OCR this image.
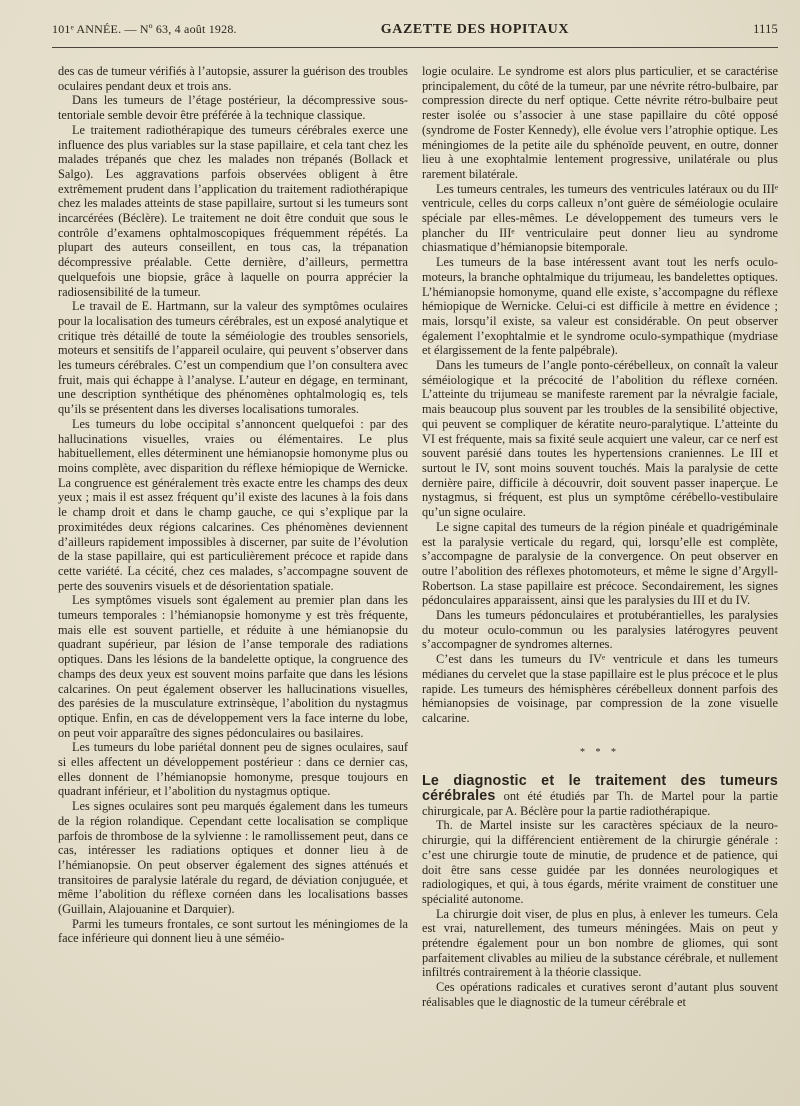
101ᵉ ANNÉE. — Nº 63, 4 août 1928.	GAZETTE DES HOPITAUX	1115

des cas de tumeur vérifiés à l’autopsie, assurer la guérison des troubles oculaires pendant deux et trois ans.

Dans les tumeurs de l’étage postérieur, la décompressive sous-tentoriale semble devoir être préférée à la technique classique.

Le traitement radiothérapique des tumeurs cérébrales exerce une influence des plus variables sur la stase papillaire, et cela tant chez les malades trépanés que chez les malades non trépanés (Bollack et Salgo). Les aggravations parfois observées obligent à être extrêmement prudent dans l’application du traitement radiothérapique chez les malades atteints de stase papillaire, surtout si les tumeurs sont incarcérées (Béclère). Le traitement ne doit être conduit que sous le contrôle d’examens ophtalmoscopiques fréquemment répétés. La plupart des auteurs conseillent, en tous cas, la trépanation décompressive préalable. Cette dernière, d’ailleurs, permettra quelquefois une biopsie, grâce à laquelle on pourra apprécier la radiosensibilité de la tumeur.

Le travail de E. Hartmann, sur la valeur des symptômes oculaires pour la localisation des tumeurs cérébrales, est un exposé analytique et critique très détaillé de toute la séméiologie des troubles sensoriels, moteurs et sensitifs de l’appareil oculaire, qui peuvent s’observer dans les tumeurs cérébrales. C’est un compendium que l’on consultera avec fruit, mais qui échappe à l’analyse. L’auteur en dégage, en terminant, une description synthétique des phénomènes ophtalmologiq es, tels qu’ils se présentent dans les diverses localisations tumorales.

Les tumeurs du lobe occipital s’annoncent quelquefoi : par des hallucinations visuelles, vraies ou élémentaires. Le plus habituellement, elles déterminent une hémianopsie homonyme plus ou moins complète, avec disparition du réflexe hémiopique de Wernicke. La congruence est généralement très exacte entre les champs des deux yeux ; mais il est assez fréquent qu’il existe des lacunes à la fois dans le champ droit et dans le champ gauche, ce qui s’explique par la proximitédes deux régions calcarines. Ces phénomènes deviennent d’ailleurs rapidement impossibles à discerner, par suite de l’évolution de la stase papillaire, qui est particulièrement précoce et rapide dans cette variété. La cécité, chez ces malades, s’accompagne souvent de perte des souvenirs visuels et de désorientation spatiale.

Les symptômes visuels sont également au premier plan dans les tumeurs temporales : l’hémianopsie homonyme y est très fréquente, mais elle est souvent partielle, et réduite à une hémianopsie du quadrant supérieur, par lésion de l’anse temporale des radiations optiques. Dans les lésions de la bandelette optique, la congruence des champs des deux yeux est souvent moins parfaite que dans les lésions calcarines. On peut également observer les hallucinations visuelles, des parésies de la musculature extrinsèque, l’abolition du nystagmus optique. Enfin, en cas de développement vers la face interne du lobe, on peut voir apparaître des signes pédonculaires ou basilaires.

Les tumeurs du lobe pariétal donnent peu de signes oculaires, sauf si elles affectent un développement postérieur : dans ce dernier cas, elles donnent de l’hémianopsie homonyme, presque toujours en quadrant inférieur, et l’abolition du nystagmus optique.

Les signes oculaires sont peu marqués également dans les tumeurs de la région rolandique. Cependant cette localisation se complique parfois de thrombose de la sylvienne : le ramollissement peut, dans ce cas, intéresser les radiations optiques et donner lieu à de l’hémianopsie. On peut observer également des signes atténués et transitoires de paralysie latérale du regard, de déviation conjuguée, et même l’abolition du réflexe cornéen dans les localisations basses (Guillain, Alajouanine et Darquier).

Parmi les tumeurs frontales, ce sont surtout les méningiomes de la face inférieure qui donnent lieu à une séméio-

logie oculaire. Le syndrome est alors plus particulier, et se caractérise principalement, du côté de la tumeur, par une névrite rétro-bulbaire, par compression directe du nerf optique. Cette névrite rétro-bulbaire peut rester isolée ou s’associer à une stase papillaire du côté opposé (syndrome de Foster Kennedy), elle évolue vers l’atrophie optique. Les méningiomes de la petite aile du sphénoïde peuvent, en outre, donner lieu à une exophtalmie lentement progressive, unilatérale ou plus rarement bilatérale.

Les tumeurs centrales, les tumeurs des ventricules latéraux ou du IIIᵉ ventricule, celles du corps calleux n’ont guère de séméiologie oculaire spéciale par elles-mêmes. Le développement des tumeurs vers le plancher du IIIᵉ ventriculaire peut donner lieu au syndrome chiasmatique d’hémianopsie bitemporale.

Les tumeurs de la base intéressent avant tout les nerfs oculo-moteurs, la branche ophtalmique du trijumeau, les bandelettes optiques. L’hémianopsie homonyme, quand elle existe, s’accompagne du réflexe hémiopique de Wernicke. Celui-ci est difficile à mettre en évidence ; mais, lorsqu’il existe, sa valeur est considérable. On peut observer également l’exophtalmie et le syndrome oculo-sympathique (mydriase et élargissement de la fente palpébrale).

Dans les tumeurs de l’angle ponto-cérébelleux, on connaît la valeur séméiologique et la précocité de l’abolition du réflexe cornéen. L’atteinte du trijumeau se manifeste rarement par la névralgie faciale, mais beaucoup plus souvent par les troubles de la sensibilité objective, qui peuvent se compliquer de kératite neuro-paralytique. L’atteinte du VI est fréquente, mais sa fixité seule acquiert une valeur, car ce nerf est souvent parésié dans toutes les hypertensions craniennes. Le III et surtout le IV, sont moins souvent touchés. Mais la paralysie de cette dernière paire, difficile à découvrir, doit souvent passer inaperçue. Le nystagmus, si fréquent, est plus un symptôme cérébello-vestibulaire qu’un signe oculaire.

Le signe capital des tumeurs de la région pinéale et quadrigéminale est la paralysie verticale du regard, qui, lorsqu’elle est complète, s’accompagne de paralysie de la convergence. On peut observer en outre l’abolition des réflexes photomoteurs, et même le signe d’Argyll-Robertson. La stase papillaire est précoce. Secondairement, les signes pédonculaires apparaissent, ainsi que les paralysies du III et du IV.

Dans les tumeurs pédonculaires et protubérantielles, les paralysies du moteur oculo-commun ou les paralysies latérogyres peuvent s’accompagner de syndromes alternes.

C’est dans les tumeurs du IVᵉ ventricule et dans les tumeurs médianes du cervelet que la stase papillaire est le plus précoce et le plus rapide. Les tumeurs des hémisphères cérébelleux donnent parfois des hémianopsies de voisinage, par compression de la zone visuelle calcarine.

* * *

Le diagnostic et le traitement des tumeurs cérébrales ont été étudiés par Th. de Martel pour la partie chirurgicale, par A. Béclère pour la partie radiothérapique.

Th. de Martel insiste sur les caractères spéciaux de la neuro-chirurgie, qui la différencient entièrement de la chirurgie générale : c’est une chirurgie toute de minutie, de prudence et de patience, qui doit être sans cesse guidée par les données neurologiques et radiologiques, et qui, à tous égards, mérite vraiment de constituer une spécialité autonome.

La chirurgie doit viser, de plus en plus, à enlever les tumeurs. Cela est vrai, naturellement, des tumeurs méningées. Mais on peut y prétendre également pour un bon nombre de gliomes, qui sont parfaitement clivables au milieu de la substance cérébrale, et nullement infiltrés contrairement à la théorie classique.

Ces opérations radicales et curatives seront d’autant plus souvent réalisables que le diagnostic de la tumeur cérébrale et
